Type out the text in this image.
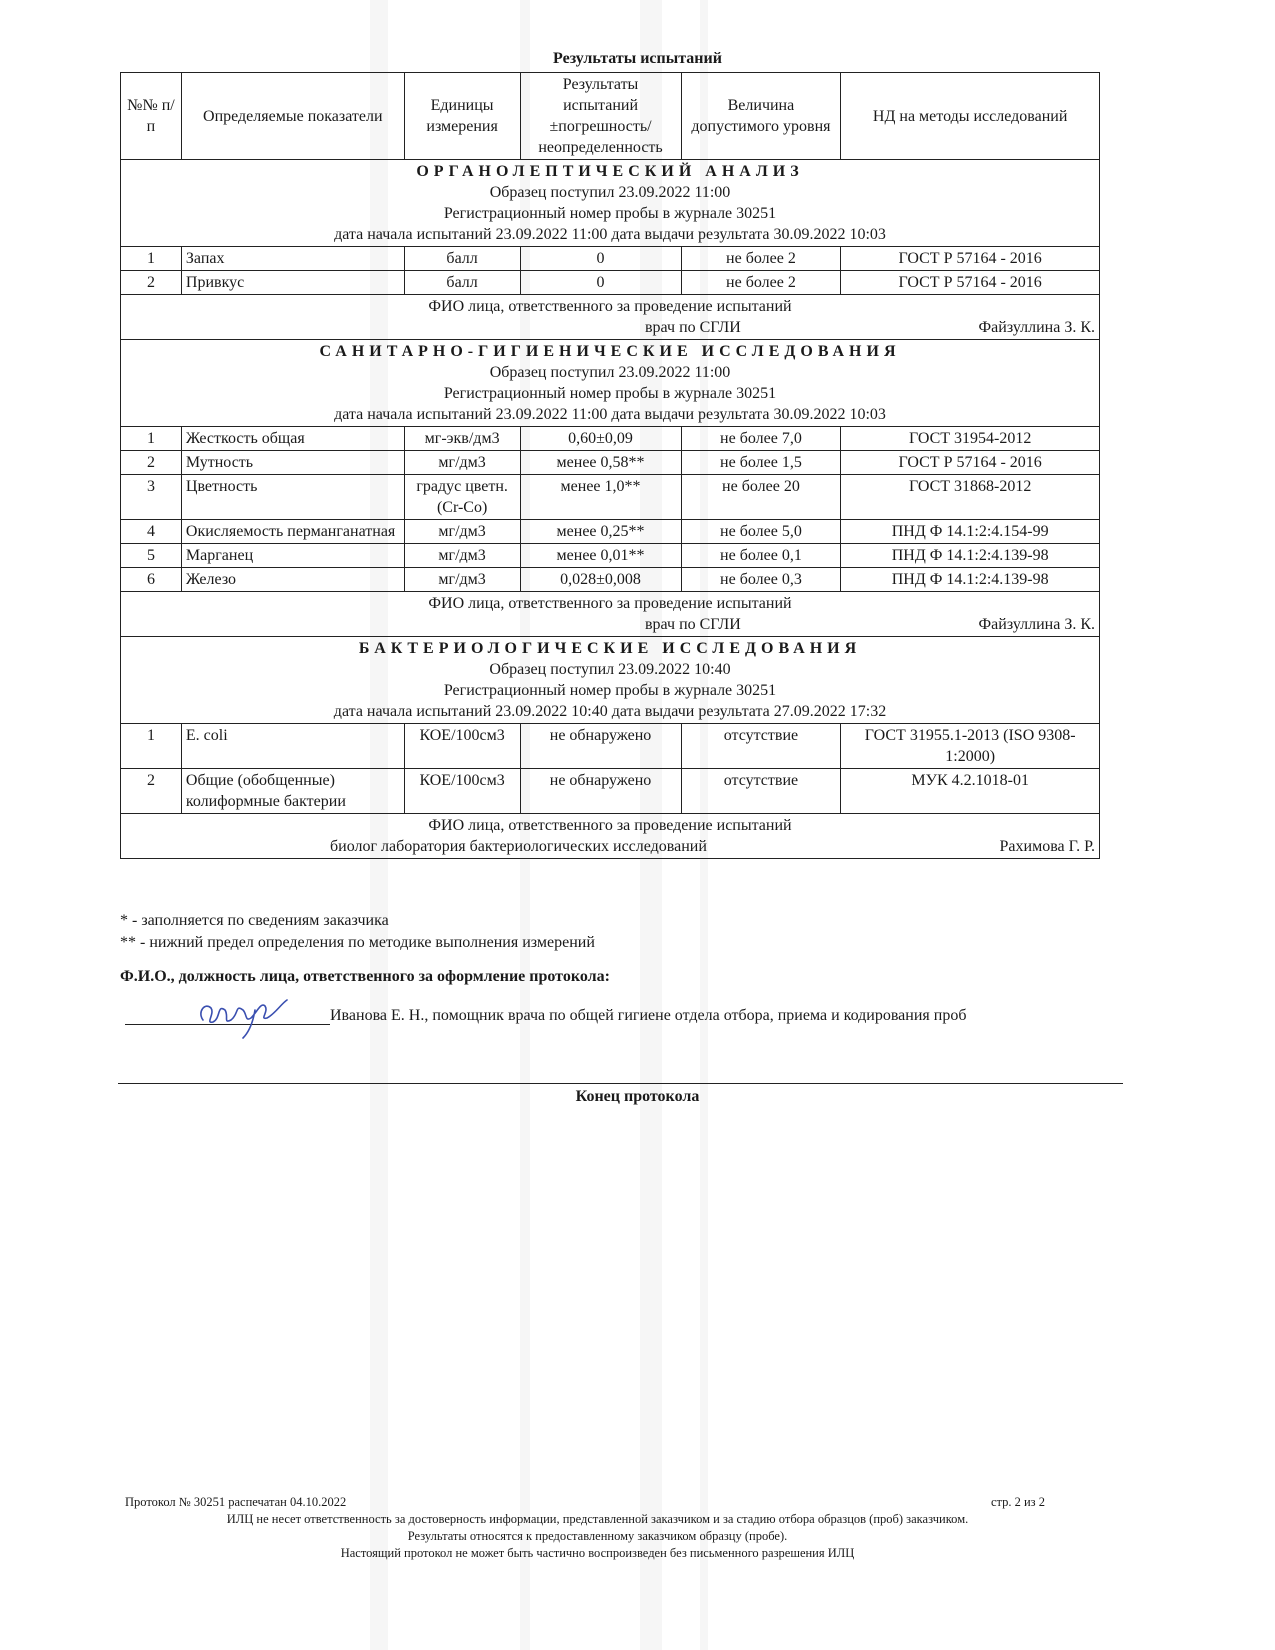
Результаты испытаний
№№ п/п	Определяемые показатели	Единицы измерения	Результаты испытаний ±погрешность/ неопределенность	Величина допустимого уровня	НД на методы исследований

ОРГАНОЛЕПТИЧЕСКИЙ АНАЛИЗ
Образец поступил 23.09.2022 11:00
Регистрационный номер пробы в журнале 30251
дата начала испытаний 23.09.2022 11:00 дата выдачи результата 30.09.2022 10:03					

1	Запах	балл	0	не более 2	ГОСТ Р 57164 - 2016
2	Привкус	балл	0	не более 2	ГОСТ Р 57164 - 2016

ФИО лица, ответственного за проведение испытаний
врач по СГЛИ Файзуллина З. К.					

САНИТАРНО-ГИГИЕНИЧЕСКИЕ ИССЛЕДОВАНИЯ
Образец поступил 23.09.2022 11:00
Регистрационный номер пробы в журнале 30251
дата начала испытаний 23.09.2022 11:00 дата выдачи результата 30.09.2022 10:03					

1	Жесткость общая	мг-экв/дм3	0,60±0,09	не более 7,0	ГОСТ 31954-2012
2	Мутность	мг/дм3	менее 0,58**	не более 1,5	ГОСТ Р 57164 - 2016
3	Цветность	градус цветн.(Cr-Co)	менее 1,0**	не более 20	ГОСТ 31868-2012
4	Окисляемость перманганатная	мг/дм3	менее 0,25**	не более 5,0	ПНД Ф 14.1:2:4.154-99
5	Марганец	мг/дм3	менее 0,01**	не более 0,1	ПНД Ф 14.1:2:4.139-98
6	Железо	мг/дм3	0,028±0,008	не более 0,3	ПНД Ф 14.1:2:4.139-98

ФИО лица, ответственного за проведение испытаний
врач по СГЛИ Файзуллина З. К.					

БАКТЕРИОЛОГИЧЕСКИЕ ИССЛЕДОВАНИЯ
Образец поступил 23.09.2022 10:40
Регистрационный номер пробы в журнале 30251
дата начала испытаний 23.09.2022 10:40 дата выдачи результата 27.09.2022 17:32					

1	E. coli	КОЕ/100см3	не обнаружено	отсутствие	ГОСТ 31955.1-2013 (ISO 9308-1:2000)
2	Общие (обобщенные) колиформные бактерии	КОЕ/100см3	не обнаружено	отсутствие	МУК 4.2.1018-01

ФИО лица, ответственного за проведение испытаний
биолог лаборатория бактериологических исследований Рахимова Г. Р.					
* - заполняется по сведениям заказчика
** - нижний предел определения по методике выполнения измерений
Ф.И.О., должность лица, ответственного за оформление протокола:
Иванова Е. Н., помощник врача по общей гигиене отдела отбора, приема и кодирования проб
Конец протокола
Протокол № 30251 распечатан 04.10.2022	стр. 2 из 2
ИЛЦ не несет ответственность за достоверность информации, представленной заказчиком и за стадию отбора образцов (проб) заказчиком.
Результаты относятся к предоставленному заказчиком образцу (пробе).
Настоящий протокол не может быть частично воспроизведен без письменного разрешения ИЛЦ
